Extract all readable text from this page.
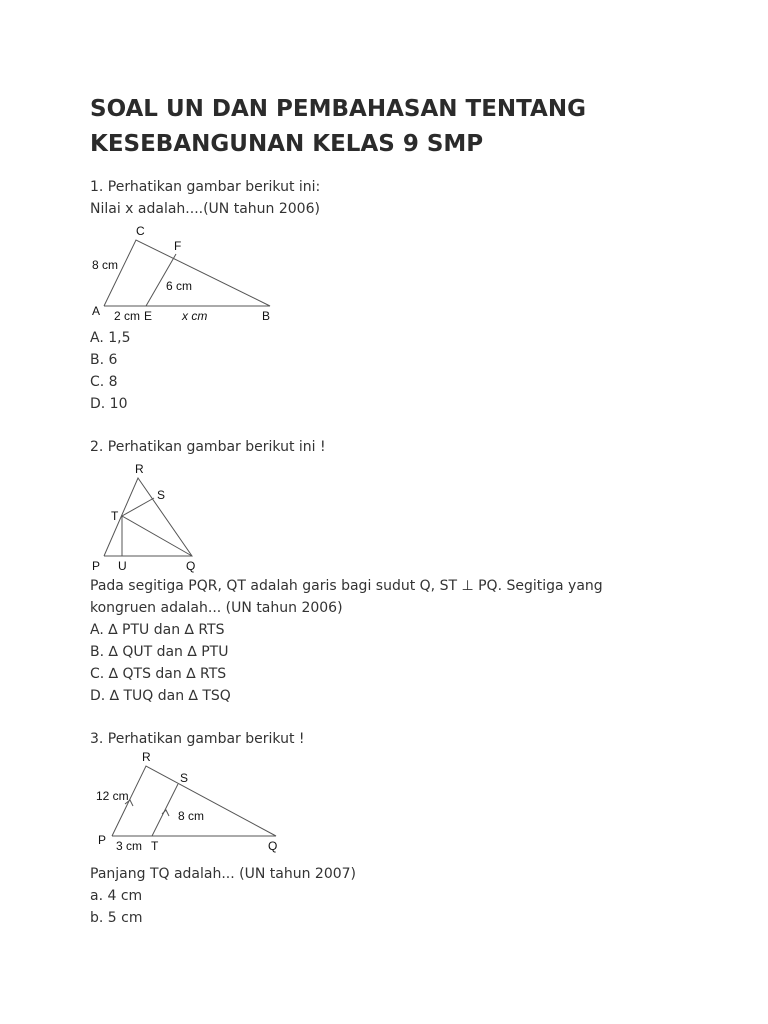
SOAL UN DAN PEMBAHASAN TENTANG KESEBANGUNAN KELAS 9 SMP

1. Perhatikan gambar berikut ini:

Nilai x adalah....(UN tahun 2006)

C
F
8 cm
6 cm
A 2 cm E x cm	B

A. 1,5

B. 6

C. 8

D. 10

2. Perhatikan gambar berikut ini !

R
S
T
P U	Q

Pada segitiga PQR, QT adalah garis bagi sudut Q, ST ⊥ PQ. Segitiga yang kongruen adalah... (UN tahun 2006)

A. ∆ PTU dan ∆ RTS

B. ∆ QUT dan ∆ PTU

C. ∆ QTS dan ∆ RTS

D. ∆ TUQ dan ∆ TSQ

3. Perhatikan gambar berikut !

R
S
12 cm
8 cm
P 3 cm T	Q

Panjang TQ adalah... (UN tahun 2007)

a. 4 cm

b. 5 cm
